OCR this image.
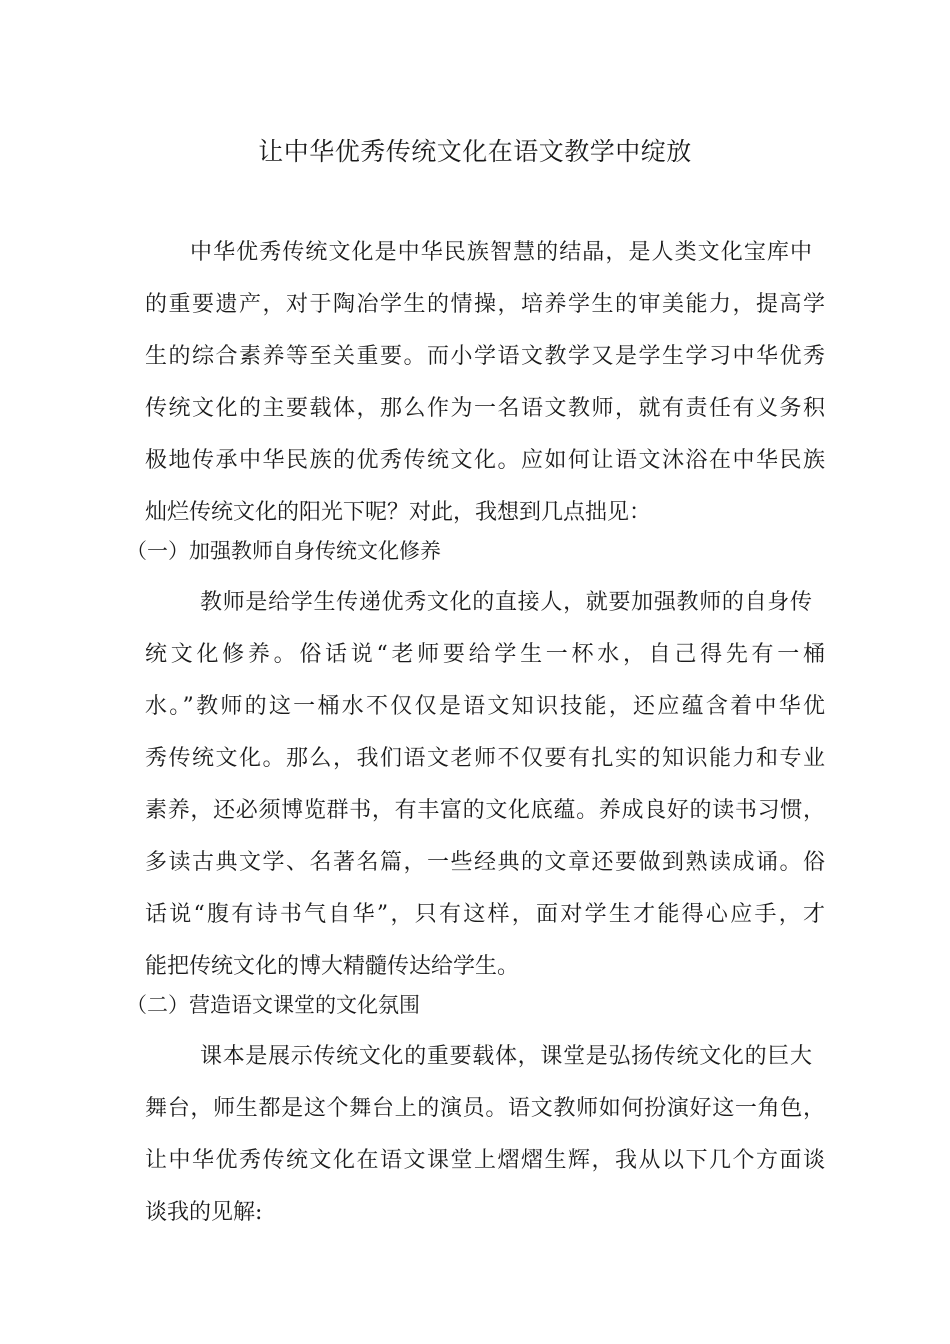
让中华优秀传统文化在语文教学中绽放
中华优秀传统文化是中华民族智慧的结晶，是人类文化宝库中
的重要遗产，对于陶冶学生的情操，培养学生的审美能力，提高学
生的综合素养等至关重要。而小学语文教学又是学生学习中华优秀
传统文化的主要载体，那么作为一名语文教师，就有责任有义务积
极地传承中华民族的优秀传统文化。应如何让语文沐浴在中华民族
灿烂传统文化的阳光下呢？对此，我想到几点拙见：
（一）加强教师自身传统文化修养
教师是给学生传递优秀文化的直接人，就要加强教师的自身传
统文化修养。俗话说“老师要给学生一杯水，自己得先有一桶
水。”教师的这一桶水不仅仅是语文知识技能，还应蕴含着中华优
秀传统文化。那么，我们语文老师不仅要有扎实的知识能力和专业
素养，还必须博览群书，有丰富的文化底蕴。养成良好的读书习惯，
多读古典文学、名著名篇，一些经典的文章还要做到熟读成诵。俗
话说“腹有诗书气自华”，只有这样，面对学生才能得心应手，才
能把传统文化的博大精髓传达给学生。
（二）营造语文课堂的文化氛围
课本是展示传统文化的重要载体，课堂是弘扬传统文化的巨大
舞台，师生都是这个舞台上的演员。语文教师如何扮演好这一角色，
让中华优秀传统文化在语文课堂上熠熠生辉，我从以下几个方面谈
谈我的见解:
